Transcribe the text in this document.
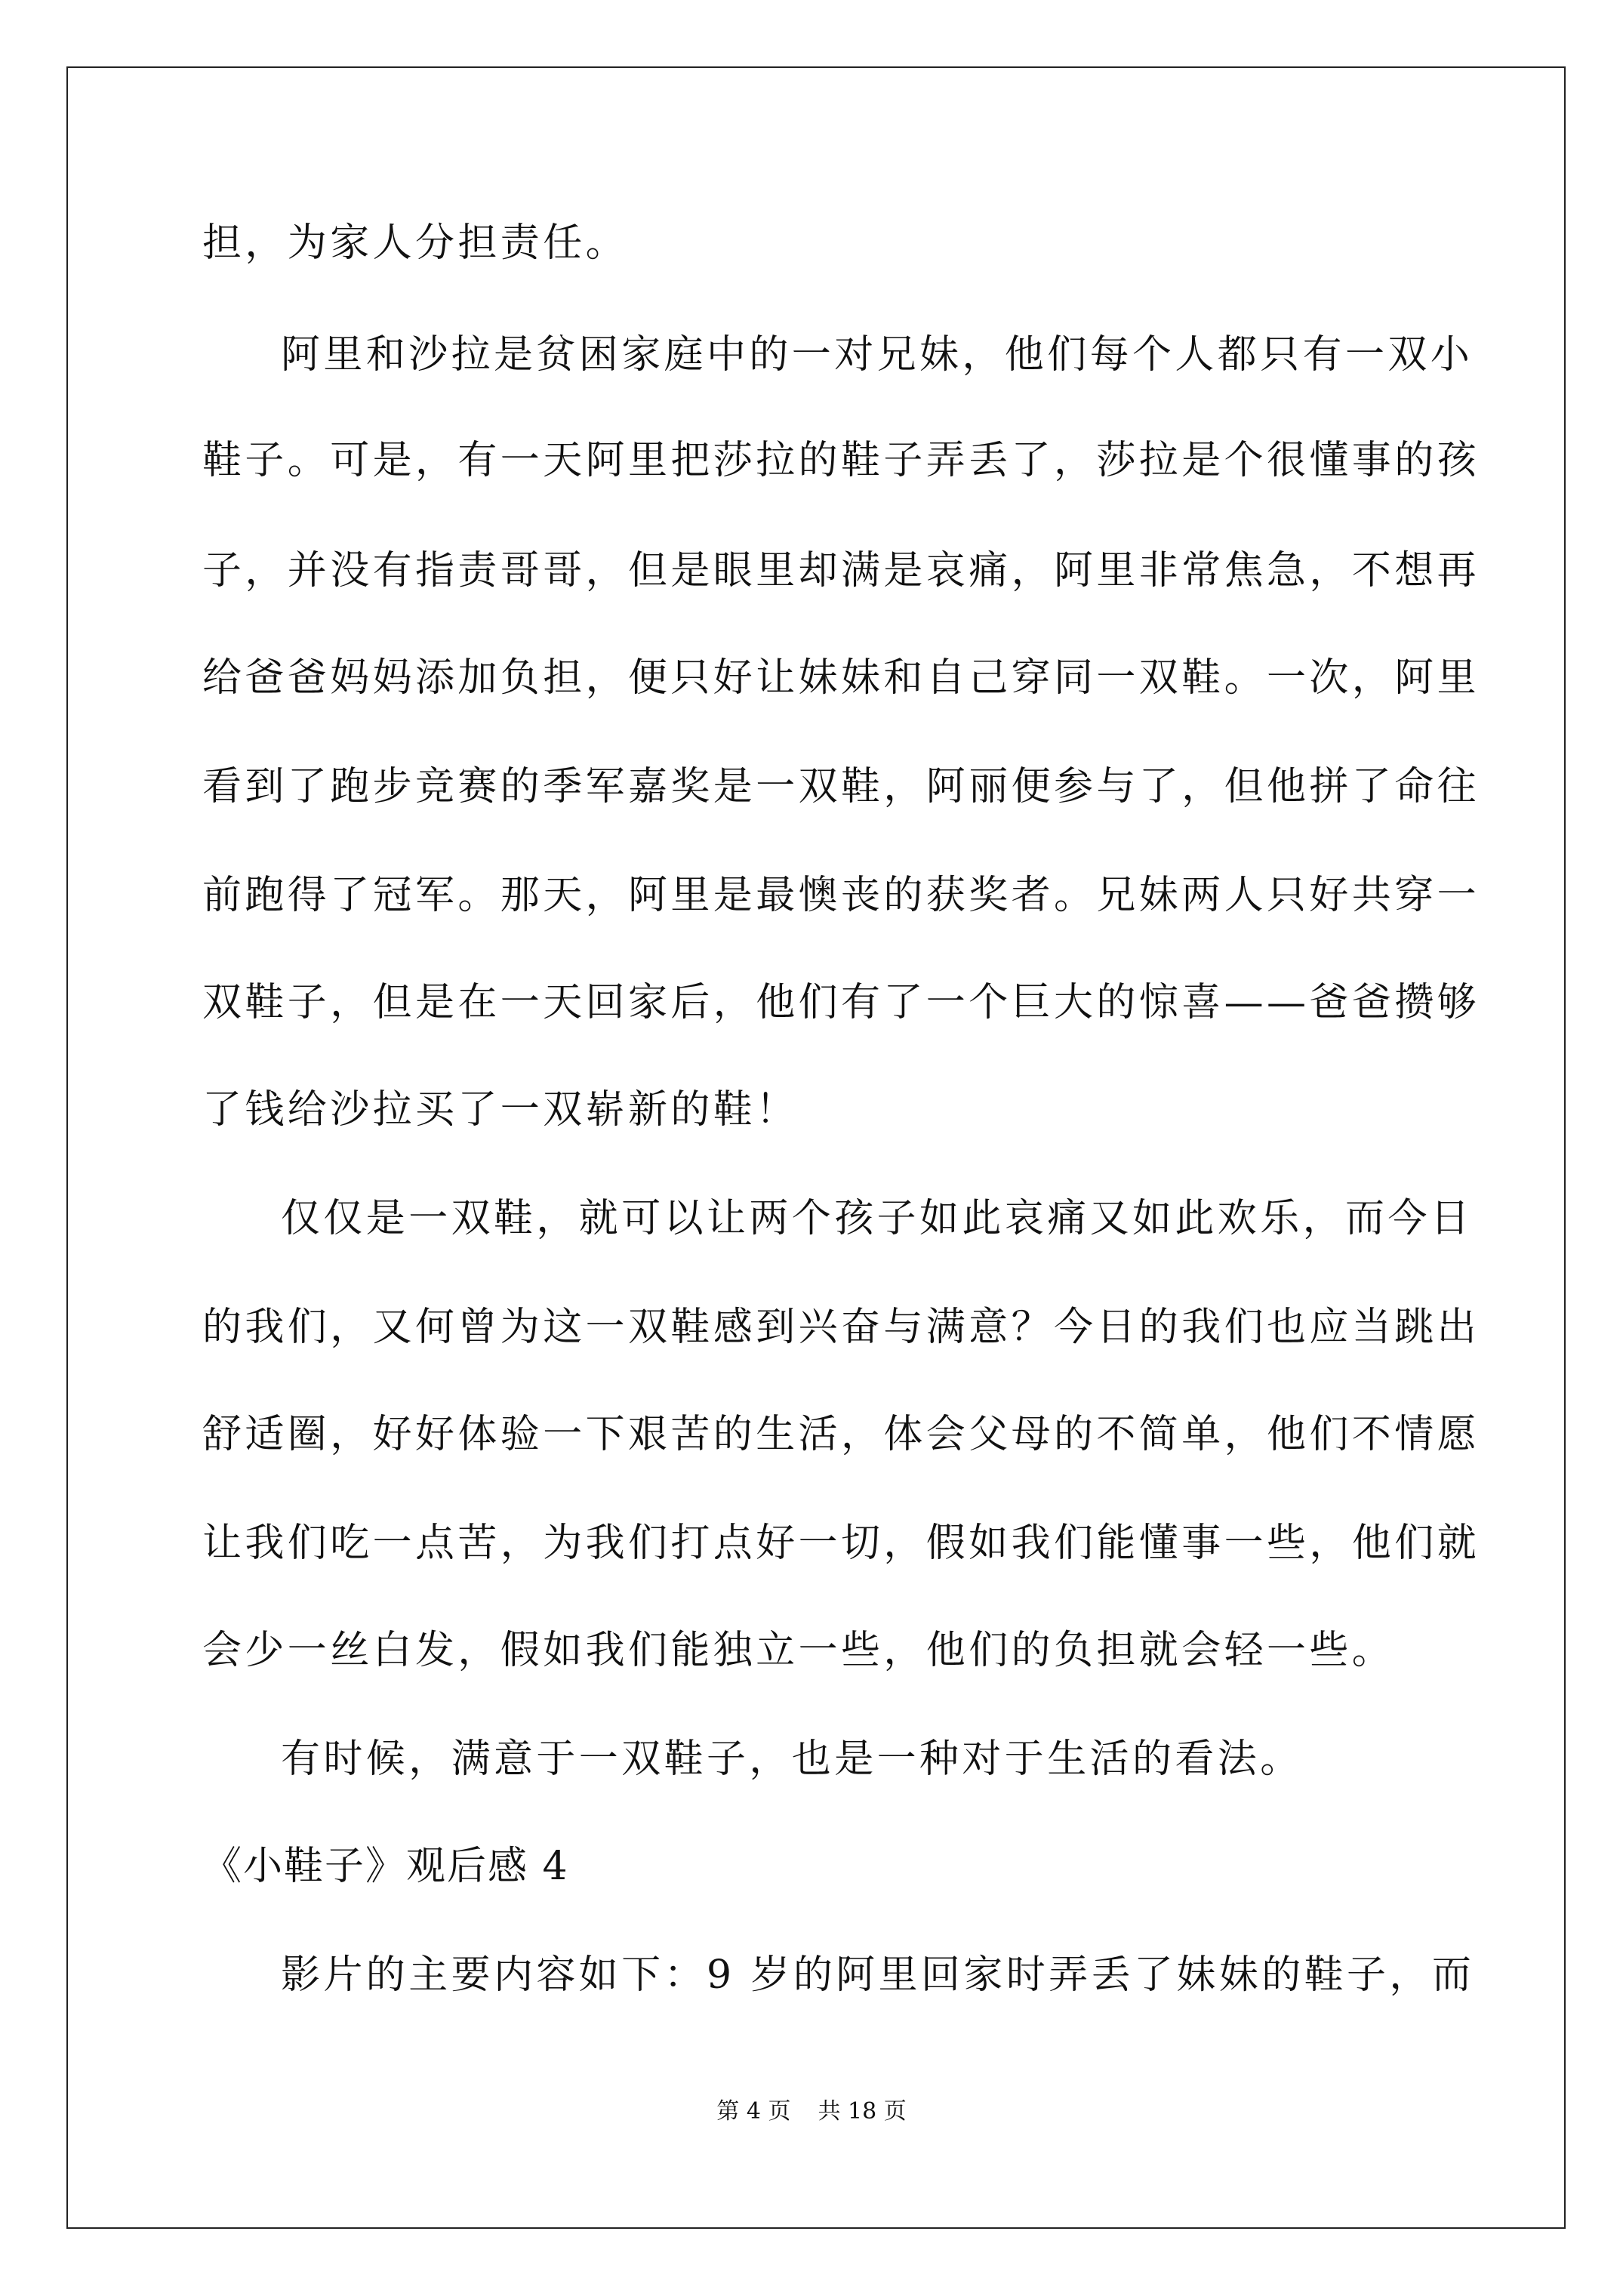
担，为家人分担责任。
阿里和沙拉是贫困家庭中的一对兄妹，他们每个人都只有一双小
鞋子。可是，有一天阿里把莎拉的鞋子弄丢了，莎拉是个很懂事的孩
子，并没有指责哥哥，但是眼里却满是哀痛，阿里非常焦急，不想再
给爸爸妈妈添加负担，便只好让妹妹和自己穿同一双鞋。一次，阿里
看到了跑步竞赛的季军嘉奖是一双鞋，阿丽便参与了，但他拼了命往
前跑得了冠军。那天，阿里是最懊丧的获奖者。兄妹两人只好共穿一
双鞋子，但是在一天回家后，他们有了一个巨大的惊喜——爸爸攒够
了钱给沙拉买了一双崭新的鞋！
仅仅是一双鞋，就可以让两个孩子如此哀痛又如此欢乐，而今日
的我们，又何曾为这一双鞋感到兴奋与满意？今日的我们也应当跳出
舒适圈，好好体验一下艰苦的生活，体会父母的不简单，他们不情愿
让我们吃一点苦，为我们打点好一切，假如我们能懂事一些，他们就
会少一丝白发，假如我们能独立一些，他们的负担就会轻一些。
有时候，满意于一双鞋子，也是一种对于生活的看法。
《小鞋子》观后感 4
影片的主要内容如下：9 岁的阿里回家时弄丢了妹妹的鞋子，而
第 4 页 共 18 页
